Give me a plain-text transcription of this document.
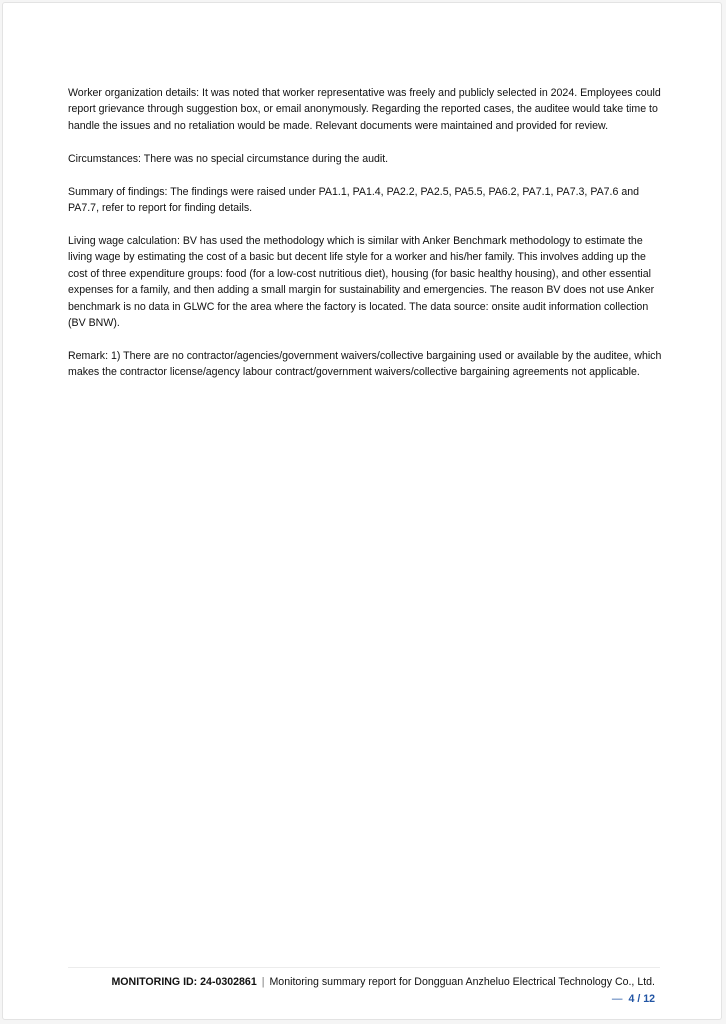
Worker organization details: It was noted that worker representative was freely and publicly selected in 2024. Employees could report grievance through suggestion box, or email anonymously. Regarding the reported cases, the auditee would take time to handle the issues and no retaliation would be made. Relevant documents were maintained and provided for review.

Circumstances: There was no special circumstance during the audit.

Summary of findings: The findings were raised under PA1.1, PA1.4, PA2.2, PA2.5, PA5.5, PA6.2, PA7.1, PA7.3, PA7.6 and PA7.7, refer to report for finding details.

Living wage calculation: BV has used the methodology which is similar with Anker Benchmark methodology to estimate the living wage by estimating the cost of a basic but decent life style for a worker and his/her family. This involves adding up the cost of three expenditure groups: food (for a low-cost nutritious diet), housing (for basic healthy housing), and other essential expenses for a family, and then adding a small margin for sustainability and emergencies. The reason BV does not use Anker benchmark is no data in GLWC for the area where the factory is located. The data source: onsite audit information collection (BV BNW).

Remark: 1) There are no contractor/agencies/government waivers/collective bargaining used or available by the auditee, which makes the contractor license/agency labour contract/government waivers/collective bargaining agreements not applicable.

MONITORING ID: 24-0302861 | Monitoring summary report for Dongguan Anzheluo Electrical Technology Co., Ltd.
— 4 / 12
